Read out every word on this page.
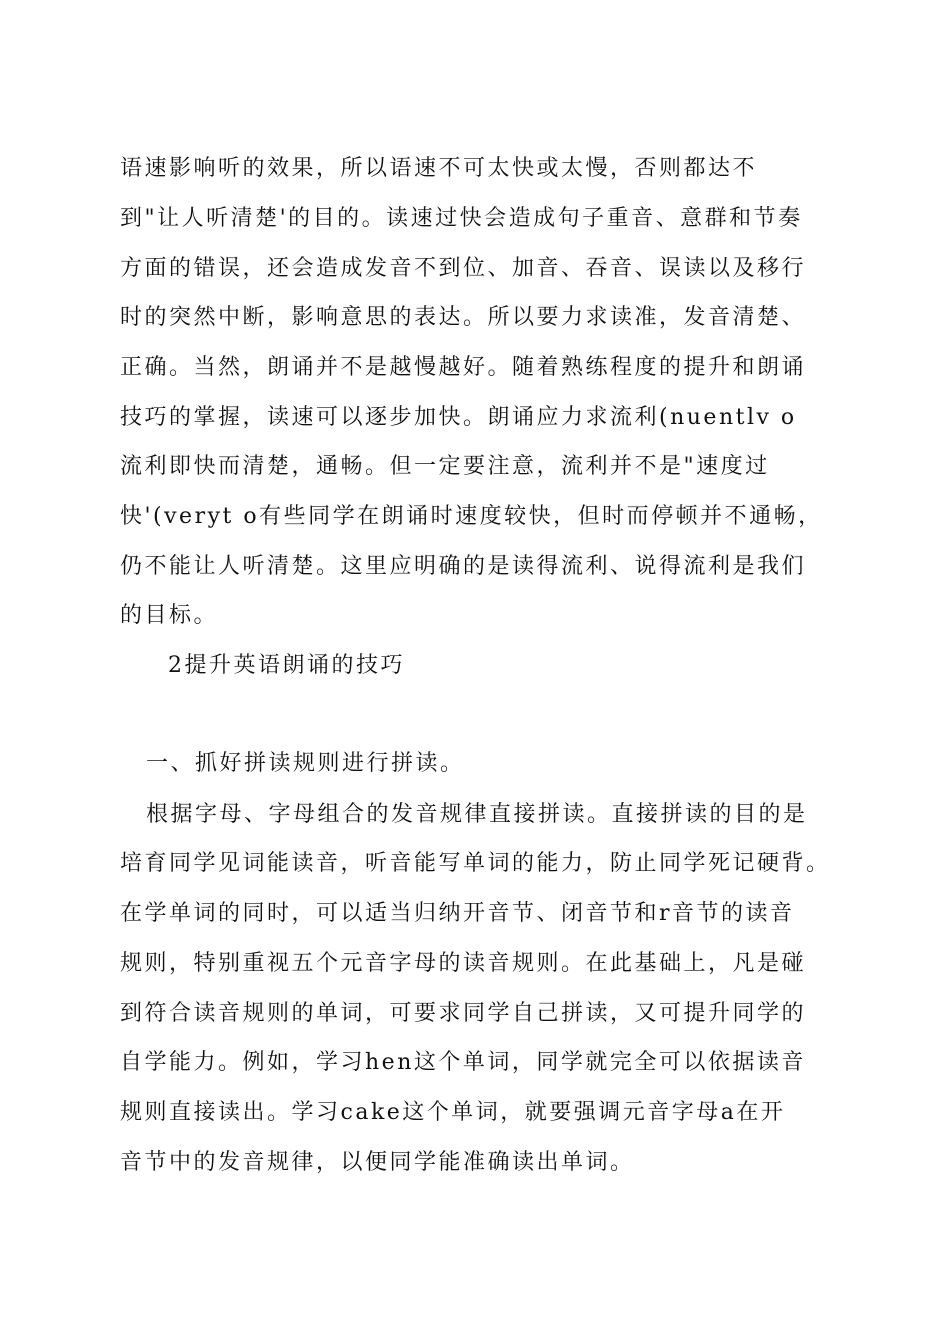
语速影响听的效果，所以语速不可太快或太慢，否则都达不
到"让人听清楚'的目的。读速过快会造成句子重音、意群和节奏
方面的错误，还会造成发音不到位、加音、吞音、误读以及移行
时的突然中断，影响意思的表达。所以要力求读准，发音清楚、
正确。当然，朗诵并不是越慢越好。随着熟练程度的提升和朗诵
技巧的掌握，读速可以逐步加快。朗诵应力求流利(nuentlv o
流利即快而清楚，通畅。但一定要注意，流利并不是"速度过
快'(veryt o有些同学在朗诵时速度较快，但时而停顿并不通畅，
仍不能让人听清楚。这里应明确的是读得流利、说得流利是我们
的目标。
2提升英语朗诵的技巧
一、抓好拼读规则进行拼读。
根据字母、字母组合的发音规律直接拼读。直接拼读的目的是
培育同学见词能读音，听音能写单词的能力，防止同学死记硬背。
在学单词的同时，可以适当归纳开音节、闭音节和r音节的读音
规则，特别重视五个元音字母的读音规则。在此基础上，凡是碰
到符合读音规则的单词，可要求同学自己拼读，又可提升同学的
自学能力。例如，学习hen这个单词，同学就完全可以依据读音
规则直接读出。学习cake这个单词，就要强调元音字母a在开
音节中的发音规律，以便同学能准确读出单词。
